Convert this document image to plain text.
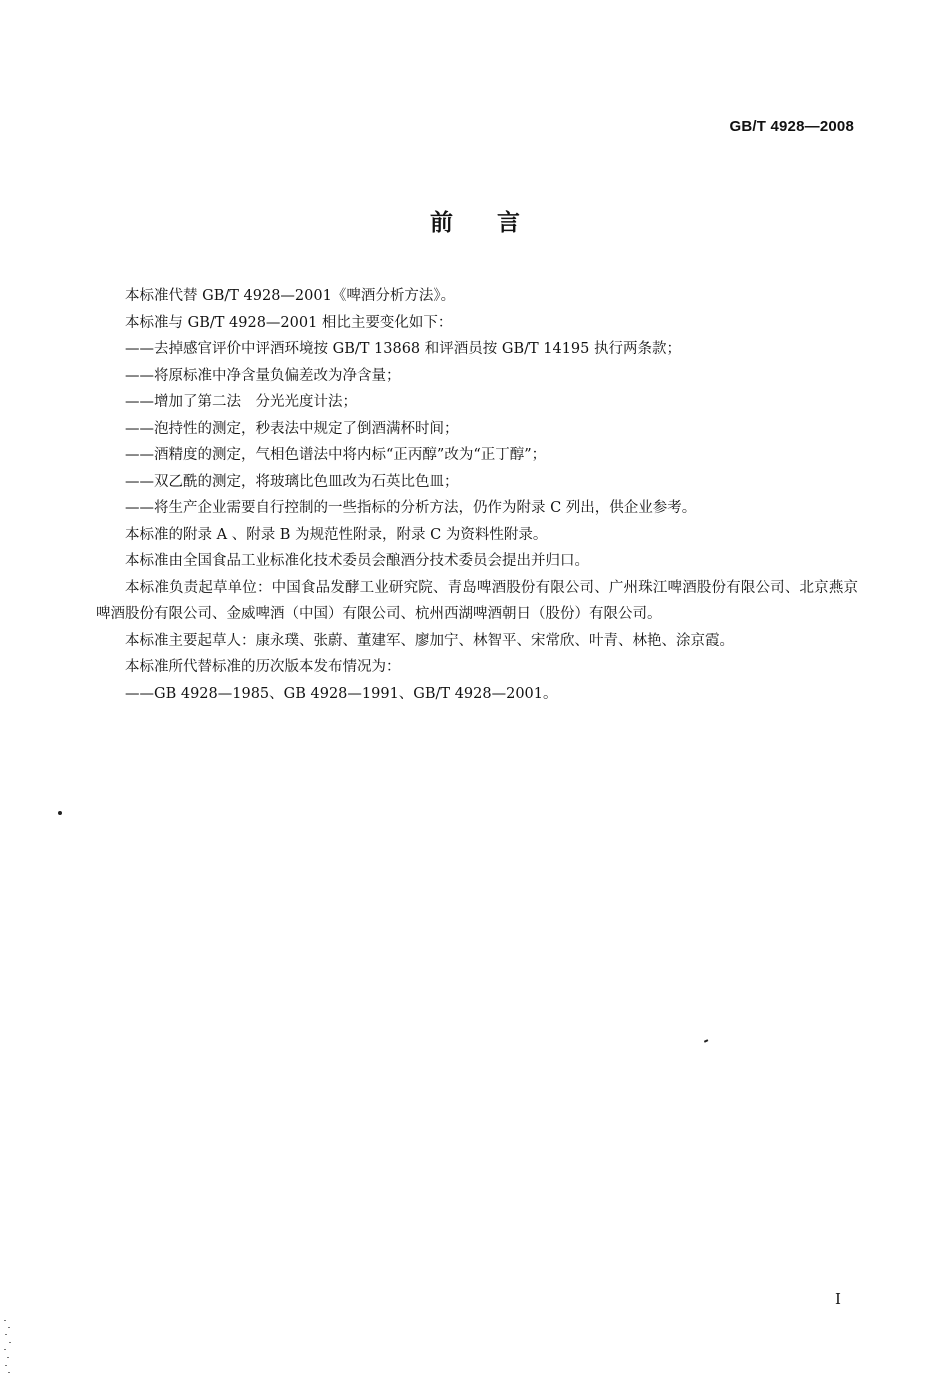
GB/T 4928—2008
前言

本标准代替 GB/T 4928—2001《啤酒分析方法》。

本标准与 GB/T 4928—2001 相比主要变化如下：

——去掉感官评价中评酒环境按 GB/T 13868 和评酒员按 GB/T 14195 执行两条款；

——将原标准中净含量负偏差改为净含量；

——增加了第二法　分光光度计法；

——泡持性的测定，秒表法中规定了倒酒满杯时间；

——酒精度的测定，气相色谱法中将内标“正丙醇”改为“正丁醇”；

——双乙酰的测定，将玻璃比色皿改为石英比色皿；

——将生产企业需要自行控制的一些指标的分析方法，仍作为附录 C 列出，供企业参考。

本标准的附录 A 、附录 B 为规范性附录，附录 C 为资料性附录。

本标准由全国食品工业标准化技术委员会酿酒分技术委员会提出并归口。

本标准负责起草单位：中国食品发酵工业研究院、青岛啤酒股份有限公司、广州珠江啤酒股份有限公司、北京燕京啤酒股份有限公司、金威啤酒（中国）有限公司、杭州西湖啤酒朝日（股份）有限公司。

本标准主要起草人：康永璞、张蔚、董建军、廖加宁、林智平、宋常欣、叶青、林艳、涂京霞。

本标准所代替标准的历次版本发布情况为：

——GB 4928—1985、GB 4928—1991、GB/T 4928—2001。

I
